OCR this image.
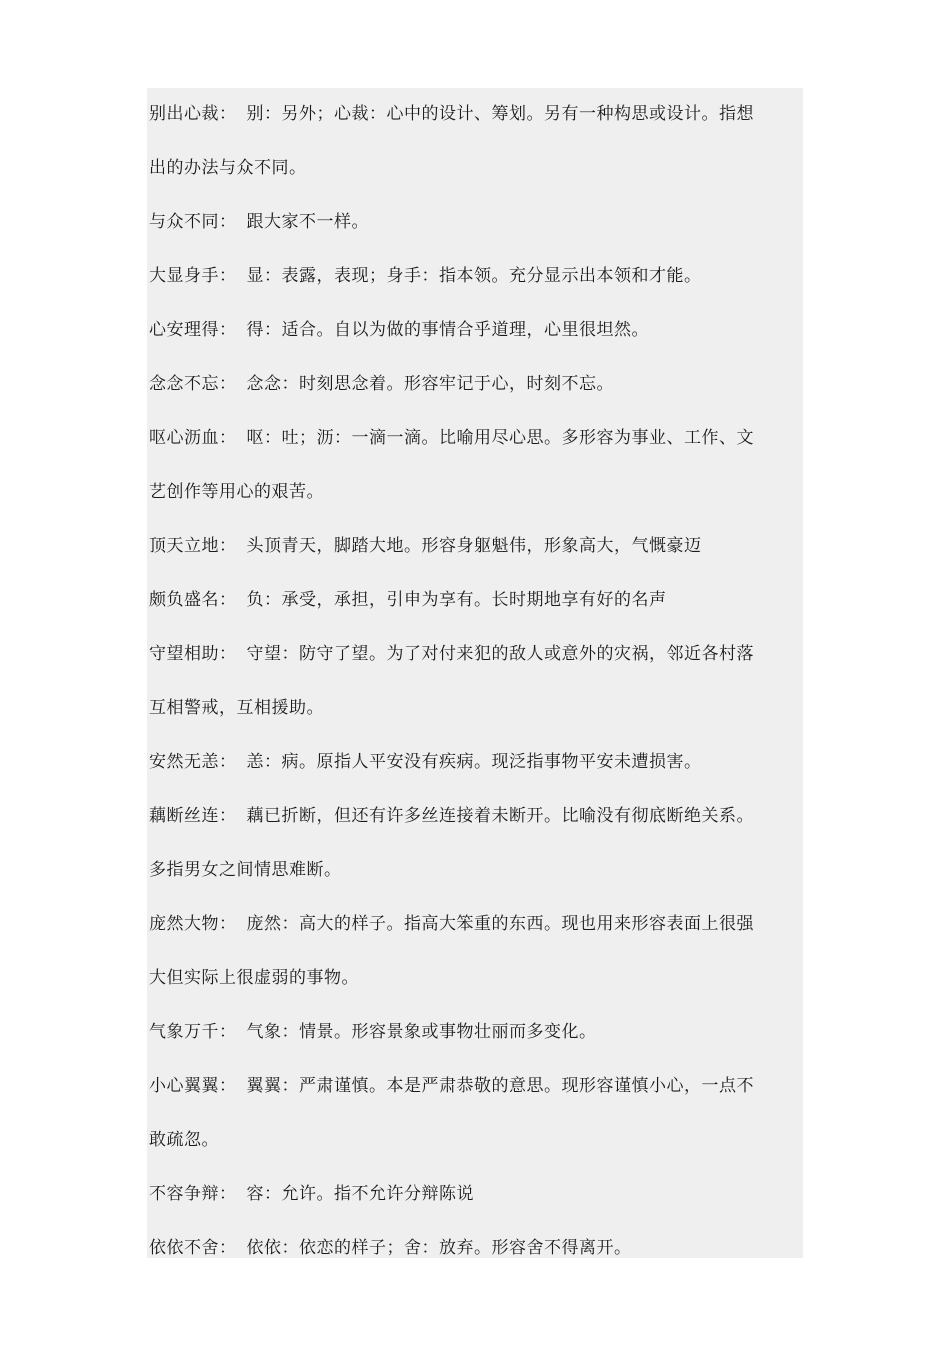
别出心裁： 别：另外；心裁：心中的设计、筹划。另有一种构思或设计。指想出的办法与众不同。
与众不同： 跟大家不一样。
大显身手： 显：表露，表现；身手：指本领。充分显示出本领和才能。
心安理得： 得：适合。自以为做的事情合乎道理，心里很坦然。
念念不忘： 念念：时刻思念着。形容牢记于心，时刻不忘。
呕心沥血： 呕：吐；沥：一滴一滴。比喻用尽心思。多形容为事业、工作、文艺创作等用心的艰苦。
顶天立地： 头顶青天，脚踏大地。形容身躯魁伟，形象高大，气慨豪迈
颇负盛名： 负：承受，承担，引申为享有。长时期地享有好的名声
守望相助： 守望：防守了望。为了对付来犯的敌人或意外的灾祸，邻近各村落互相警戒，互相援助。
安然无恙： 恙：病。原指人平安没有疾病。现泛指事物平安未遭损害。
藕断丝连： 藕已折断，但还有许多丝连接着未断开。比喻没有彻底断绝关系。多指男女之间情思难断。
庞然大物： 庞然：高大的样子。指高大笨重的东西。现也用来形容表面上很强大但实际上很虚弱的事物。
气象万千： 气象：情景。形容景象或事物壮丽而多变化。
小心翼翼： 翼翼：严肃谨慎。本是严肃恭敬的意思。现形容谨慎小心，一点不敢疏忽。
不容争辩： 容：允许。指不允许分辩陈说
依依不舍： 依依：依恋的样子；舍：放弃。形容舍不得离开。
